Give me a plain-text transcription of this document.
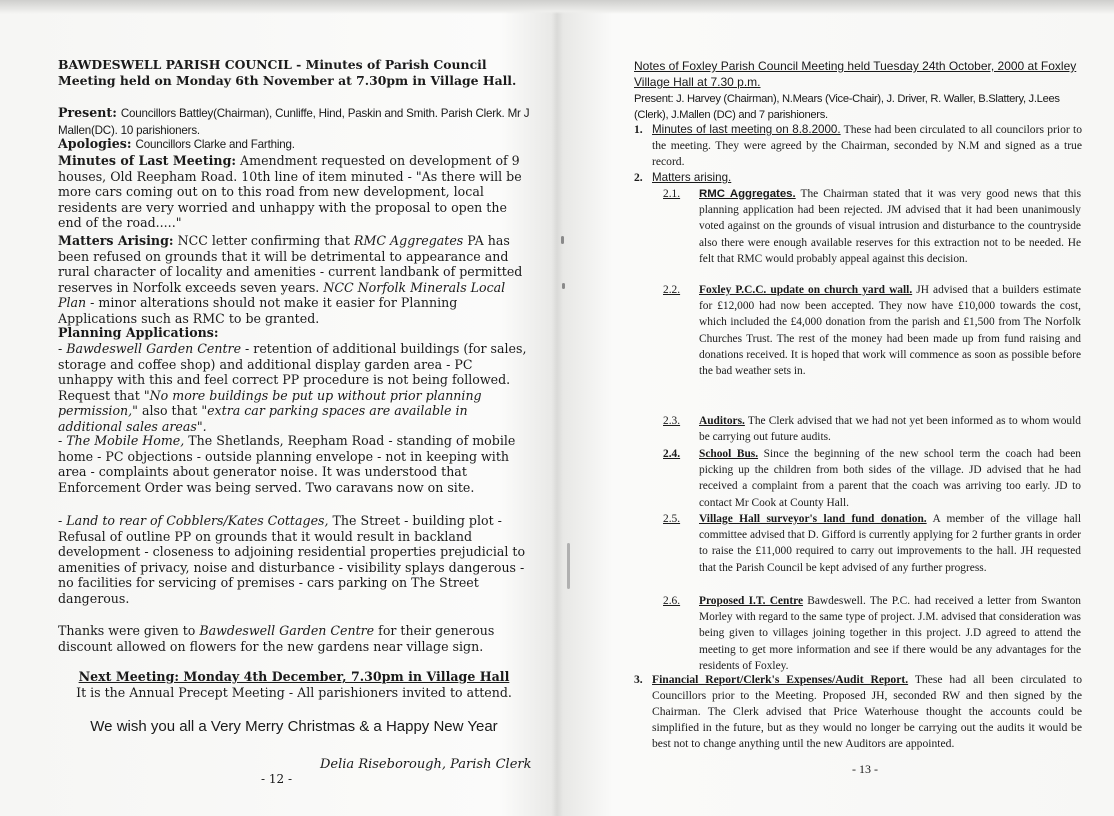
BAWDESWELL PARISH COUNCIL - Minutes of Parish Council Meeting held on Monday 6th November at 7.30pm in Village Hall.

Present: Councillors Battley(Chairman), Cunliffe, Hind, Paskin and Smith. Parish Clerk. Mr J Mallen(DC). 10 parishioners.

Apologies: Councillors Clarke and Farthing.

Minutes of Last Meeting: Amendment requested on development of 9 houses, Old Reepham Road. 10th line of item minuted - "As there will be more cars coming out on to this road from new development, local residents are very worried and unhappy with the proposal to open the end of the road....."

Matters Arising: NCC letter confirming that RMC Aggregates PA has been refused on grounds that it will be detrimental to appearance and rural character of locality and amenities - current landbank of permitted reserves in Norfolk exceeds seven years. NCC Norfolk Minerals Local Plan - minor alterations should not make it easier for Planning Applications such as RMC to be granted.

Planning Applications:

- Bawdeswell Garden Centre - retention of additional buildings (for sales, storage and coffee shop) and additional display garden area - PC unhappy with this and feel correct PP procedure is not being followed. Request that "No more buildings be put up without prior planning permission," also that "extra car parking spaces are available in additional sales areas".

- The Mobile Home, The Shetlands, Reepham Road - standing of mobile home - PC objections - outside planning envelope - not in keeping with area - complaints about generator noise. It was understood that Enforcement Order was being served. Two caravans now on site.

- Land to rear of Cobblers/Kates Cottages, The Street - building plot - Refusal of outline PP on grounds that it would result in backland development - closeness to adjoining residential properties prejudicial to amenities of privacy, noise and disturbance - visibility splays dangerous - no facilities for servicing of premises - cars parking on The Street dangerous.

Thanks were given to Bawdeswell Garden Centre for their generous discount allowed on flowers for the new gardens near village sign.

Next Meeting: Monday 4th December, 7.30pm in Village Hall
It is the Annual Precept Meeting - All parishioners invited to attend.

We wish you all a Very Merry Christmas & a Happy New Year
Delia Riseborough, Parish Clerk
- 12 -
Notes of Foxley Parish Council Meeting held Tuesday 24th October, 2000 at Foxley Village Hall at 7.30 p.m.
Present: J. Harvey (Chairman), N.Mears (Vice-Chair), J. Driver, R. Waller, B.Slattery, J.Lees (Clerk), J.Mallen (DC) and 7 parishioners.
1. Minutes of last meeting on 8.8.2000. These had been circulated to all councilors prior to the meeting. They were agreed by the Chairman, seconded by N.M and signed as a true record.
2. Matters arising.
2.1. RMC Aggregates. The Chairman stated that it was very good news that this planning application had been rejected. JM advised that it had been unanimously voted against on the grounds of visual intrusion and disturbance to the countryside also there were enough available reserves for this extraction not to be needed. He felt that RMC would probably appeal against this decision.
2.2. Foxley P.C.C. update on church yard wall. JH advised that a builders estimate for £12,000 had now been accepted. They now have £10,000 towards the cost, which included the £4,000 donation from the parish and £1,500 from The Norfolk Churches Trust. The rest of the money had been made up from fund raising and donations received. It is hoped that work will commence as soon as possible before the bad weather sets in.
2.3. Auditors. The Clerk advised that we had not yet been informed as to whom would be carrying out future audits.
2.4. School Bus. Since the beginning of the new school term the coach had been picking up the children from both sides of the village. JD advised that he had received a complaint from a parent that the coach was arriving too early. JD to contact Mr Cook at County Hall.
2.5. Village Hall surveyor's land fund donation. A member of the village hall committee advised that D. Gifford is currently applying for 2 further grants in order to raise the £11,000 required to carry out improvements to the hall. JH requested that the Parish Council be kept advised of any further progress.
2.6. Proposed I.T. Centre Bawdeswell. The P.C. had received a letter from Swanton Morley with regard to the same type of project. J.M. advised that consideration was being given to villages joining together in this project. J.D agreed to attend the meeting to get more information and see if there would be any advantages for the residents of Foxley.
3. Financial Report/Clerk's Expenses/Audit Report. These had all been circulated to Councillors prior to the Meeting. Proposed JH, seconded RW and then signed by the Chairman. The Clerk advised that Price Waterhouse thought the accounts could be simplified in the future, but as they would no longer be carrying out the audits it would be best not to change anything until the new Auditors are appointed.
- 13 -
